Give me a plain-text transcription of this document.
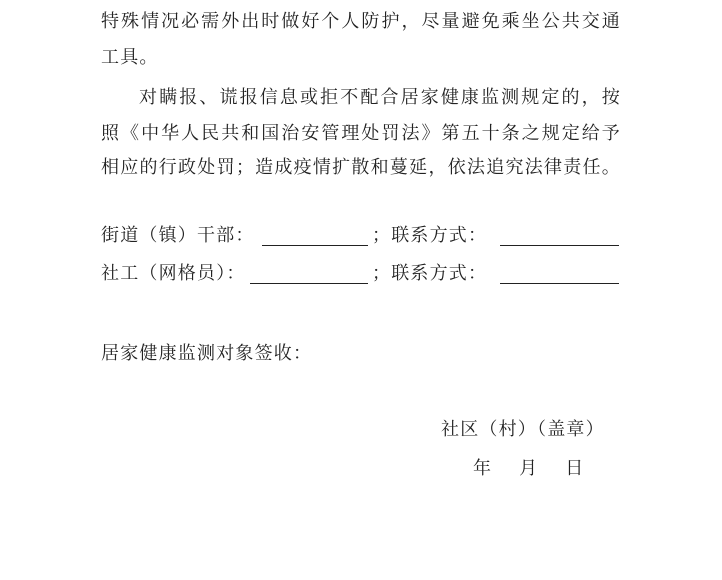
特殊情况必需外出时做好个人防护，尽量避免乘坐公共交通
工具。
对瞒报、谎报信息或拒不配合居家健康监测规定的，按
照《中华人民共和国治安管理处罚法》第五十条之规定给予
相应的行政处罚；造成疫情扩散和蔓延，依法追究法律责任。
街道（镇）干部：	；联系方式：
社工（网格员）：	；联系方式：
居家健康监测对象签收：
社区（村）（盖章）
年 月 日
